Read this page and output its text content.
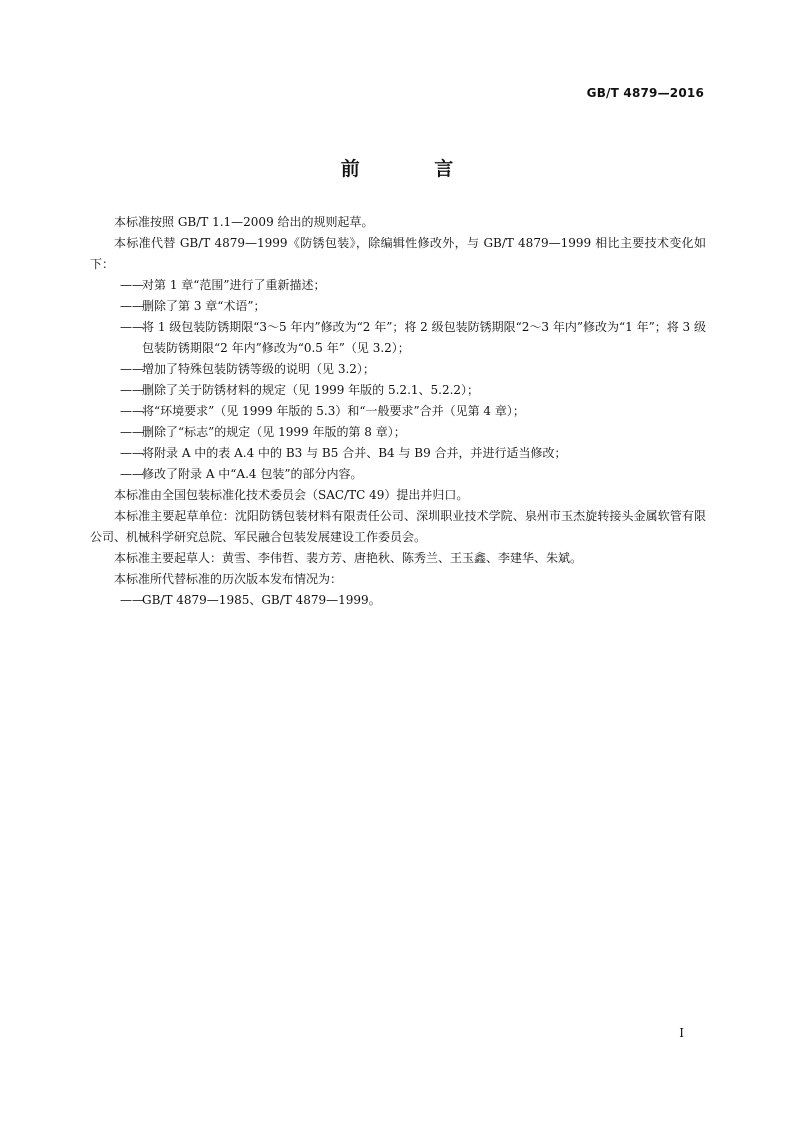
GB/T 4879—2016
前 言

本标准按照 GB/T 1.1—2009 给出的规则起草。

本标准代替 GB/T 4879—1999《防锈包装》，除编辑性修改外，与 GB/T 4879—1999 相比主要技术变化如下：

——
对第 1 章“范围”进行了重新描述；
——
删除了第 3 章“术语”；
——
将 1 级包装防锈期限“3～5 年内”修改为“2 年”；将 2 级包装防锈期限“2～3 年内”修改为“1 年”；将 3 级包装防锈期限“2 年内”修改为“0.5 年”（见 3.2）；
——
增加了特殊包装防锈等级的说明（见 3.2）；
——
删除了关于防锈材料的规定（见 1999 年版的 5.2.1、5.2.2）；
——
将“环境要求”（见 1999 年版的 5.3）和“一般要求”合并（见第 4 章）；
——
删除了“标志”的规定（见 1999 年版的第 8 章）；
——
将附录 A 中的表 A.4 中的 B3 与 B5 合并、B4 与 B9 合并，并进行适当修改；
——
修改了附录 A 中“A.4 包装”的部分内容。

本标准由全国包装标准化技术委员会（SAC/TC 49）提出并归口。

本标准主要起草单位：沈阳防锈包装材料有限责任公司、深圳职业技术学院、泉州市玉杰旋转接头金属软管有限公司、机械科学研究总院、军民融合包装发展建设工作委员会。

本标准主要起草人：黄雪、李伟哲、裴方芳、唐艳秋、陈秀兰、王玉鑫、李建华、朱斌。

本标准所代替标准的历次版本发布情况为：

——
GB/T 4879—1985、GB/T 4879—1999。
I
